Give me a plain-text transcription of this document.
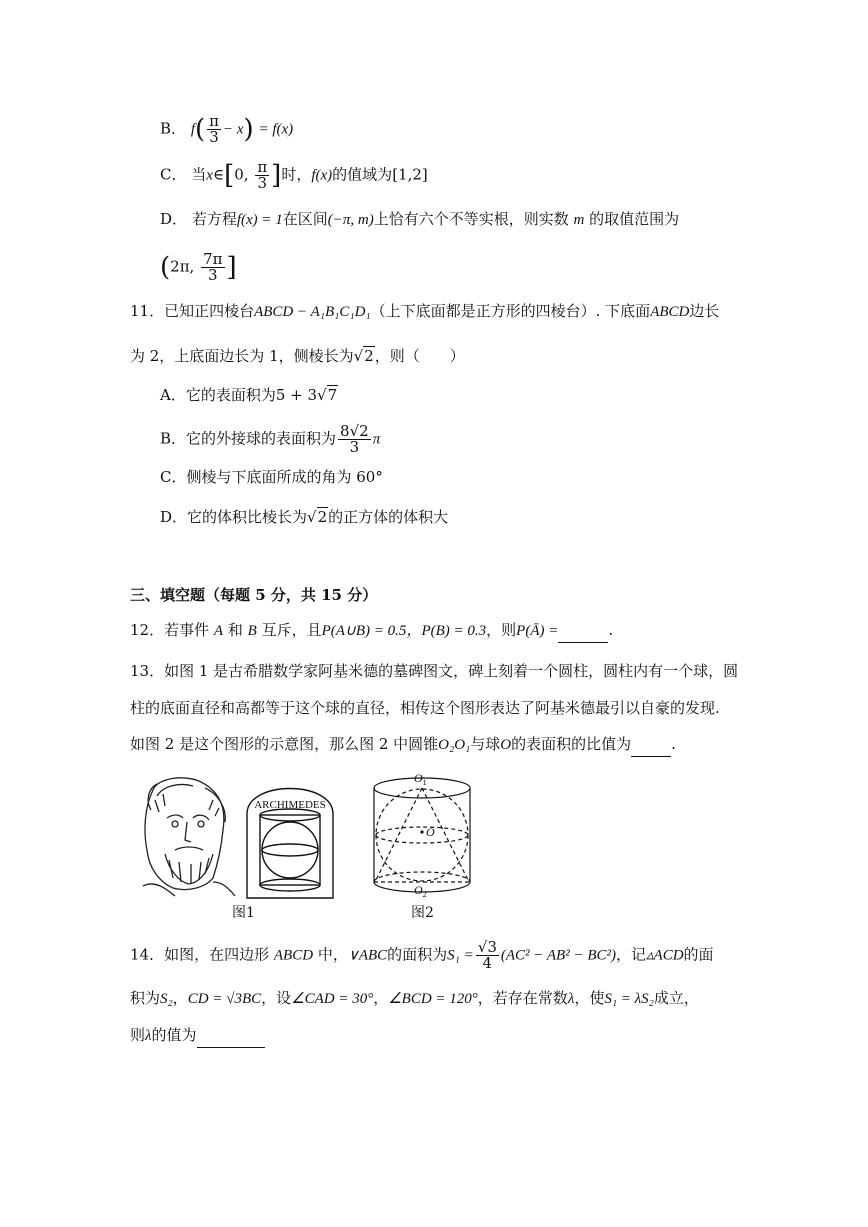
B． $f( \frac{\pi}{3} - x) = f(x)$
C． 当x∈[0, $\frac{\pi}{3}$ ]时，f(x)的值域为[1,2]
D． 若方程f(x) = 1在区间(−π, m)上恰有六个不等实根，则实数 m 的取值范围为
(2π, $\frac{7\pi}{3}$ ]
11．已知正四棱台ABCD − A₁B₁C₁D₁（上下底面都是正方形的四棱台）. 下底面ABCD边长
为 2，上底面边长为 1，侧棱长为√2，则（　　）
A．它的表面积为5 + 3√7
B．它的外接球的表面积为 $\frac{8√2}{3}$ π
C．侧棱与下底面所成的角为 60°
D．它的体积比棱长为√2的正方体的体积大
三、填空题（每题 5 分，共 15 分）
12．若事件 A 和 B 互斥，且P(A∪B) = 0.5，P(B) = 0.3，则P(Ā) =	.
13．如图 1 是古希腊数学家阿基米德的墓碑图文，碑上刻着一个圆柱，圆柱内有一个球，圆
柱的底面直径和高都等于这个球的直径，相传这个图形表达了阿基米德最引以自豪的发现.
如图 2 是这个图形的示意图，那么图 2 中圆锥O₂O₁与球O的表面积的比值为	.
ARCHIMEDES
图1
$O_1$
O
$O_2$
图2
14．如图，在四边形 ABCD 中，∨ABC的面积为$S_1 = \frac{√3}{4} (AC^2 - AB^2 - BC^2)$，记▵ACD的面
积为S₂，CD = √3BC，设∠CAD = 30°，∠BCD = 120°，若存在常数λ，使S₁ = λS₂成立，
则λ的值为
